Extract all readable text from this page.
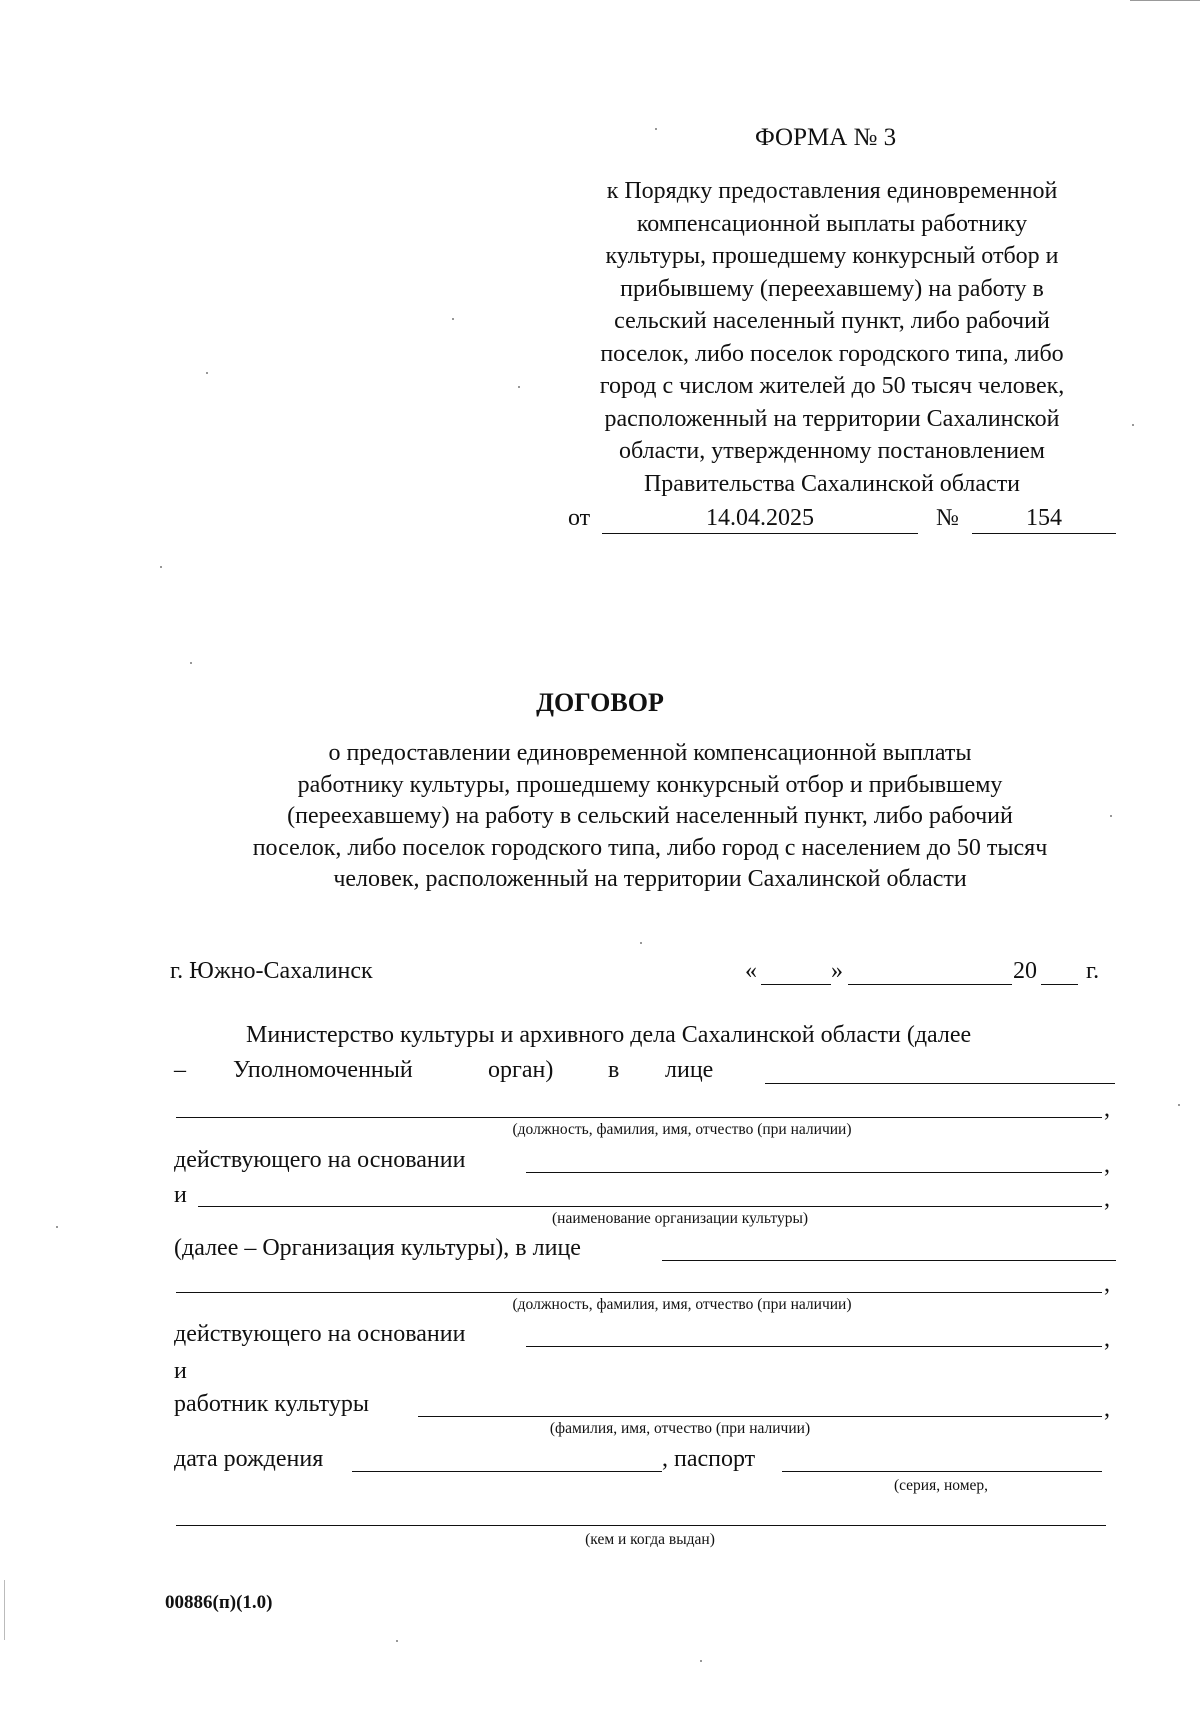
ФОРМА № 3
к Порядку предоставления единовременной
компенсационной выплаты работнику
культуры, прошедшему конкурсный отбор и
прибывшему (переехавшему) на работу в
сельский населенный пункт, либо рабочий
поселок, либо поселок городского типа, либо
город с числом жителей до 50 тысяч человек,
расположенный на территории Сахалинской
области, утвержденному постановлением
Правительства Сахалинской области
от	14.04.2025	№	154
ДОГОВОР
о предоставлении единовременной компенсационной выплаты
работнику культуры, прошедшему конкурсный отбор и прибывшему
(переехавшему) на работу в сельский населенный пункт, либо рабочий
поселок, либо поселок городского типа, либо город с населением до 50 тысяч
человек, расположенный на территории Сахалинской области
г. Южно-Сахалинск	«	»	20 г.
Министерство культуры и архивного дела Сахалинской области (далее
– Уполномоченный	орган) в лице
,
(должность, фамилия, имя, отчество (при наличии)
действующего на основании	,
и	,
(наименование организации культуры)
(далее – Организация культуры), в лице
,
(должность, фамилия, имя, отчество (при наличии)
действующего на основании	,
и
работник культуры	,
(фамилия, имя, отчество (при наличии)
дата рождения	, паспорт
(серия, номер,
(кем и когда выдан)
00886(п)(1.0)
